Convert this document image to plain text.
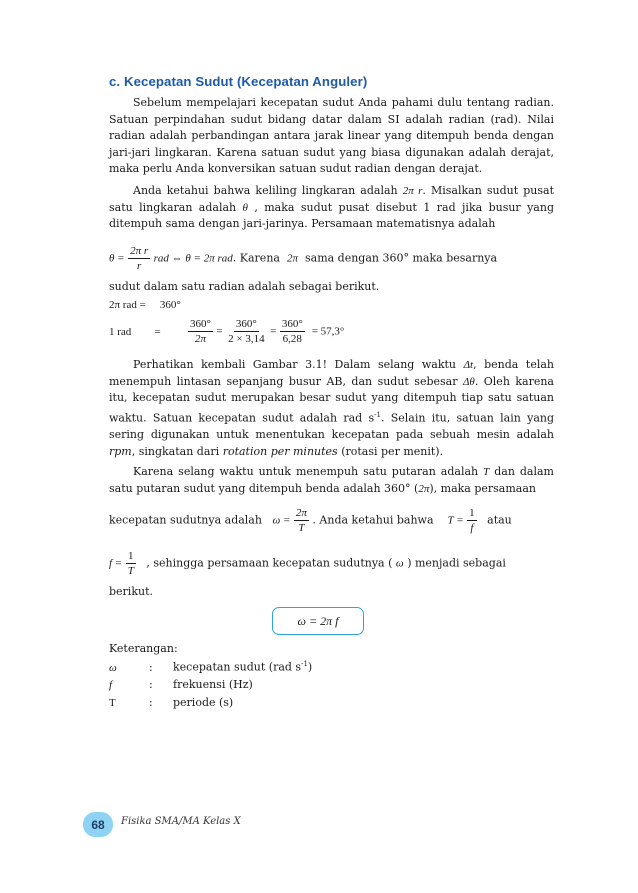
c. Kecepatan Sudut (Kecepatan Anguler)

Sebelum mempelajari kecepatan sudut Anda pahami dulu tentang radian. Satuan perpindahan sudut bidang datar dalam SI adalah radian (rad). Nilai radian adalah perbandingan antara jarak linear yang ditempuh benda dengan jari-jari lingkaran. Karena satuan sudut yang biasa digunakan adalah derajat, maka perlu Anda konversikan satuan sudut radian dengan derajat.

Anda ketahui bahwa keliling lingkaran adalah 2π r. Misalkan sudut pusat satu lingkaran adalah θ , maka sudut pusat disebut 1 rad jika busur yang ditempuh sama dengan jari-jarinya. Persamaan matematisnya adalah

$\theta = \frac{\text{2π r}}{r}$ rad ⇔ θ = 2π rad. Karena 2π sama dengan 360° maka besarnya
sudut dalam satu radian adalah sebagai berikut.
2π rad = 360°
1 rad = $\frac{360^\circ}{2\pi} = \frac{360^\circ}{2 \times 3,14} = \frac{360^\circ}{6,28} = 57,3^\circ$

Perhatikan kembali Gambar 3.1! Dalam selang waktu Δt, benda telah menempuh lintasan sepanjang busur AB, dan sudut sebesar Δθ. Oleh karena itu, kecepatan sudut merupakan besar sudut yang ditempuh tiap satu satuan waktu. Satuan kecepatan sudut adalah rad $s^{-1}$. Selain itu, satuan lain yang sering digunakan untuk menentukan kecepatan pada sebuah mesin adalah rpm, singkatan dari rotation per minutes (rotasi per menit).

Karena selang waktu untuk menempuh satu putaran adalah T dan dalam satu putaran sudut yang ditempuh benda adalah 360° (2π), maka persamaan

kecepatan sudutnya adalah $\omega = \frac{2\pi}{T}$ . Anda ketahui bahwa $T = \frac{1}{f}$ atau
$f = \frac{1}{T}$ , sehingga persamaan kecepatan sudutnya ( ω ) menjadi sebagai
berikut.
ω = 2π f
Keterangan:
ω	: kecepatan sudut (rad $s^{-1}$)
f	: frekuensi (Hz)
T	: periode (s)
68	Fisika SMA/MA Kelas X
